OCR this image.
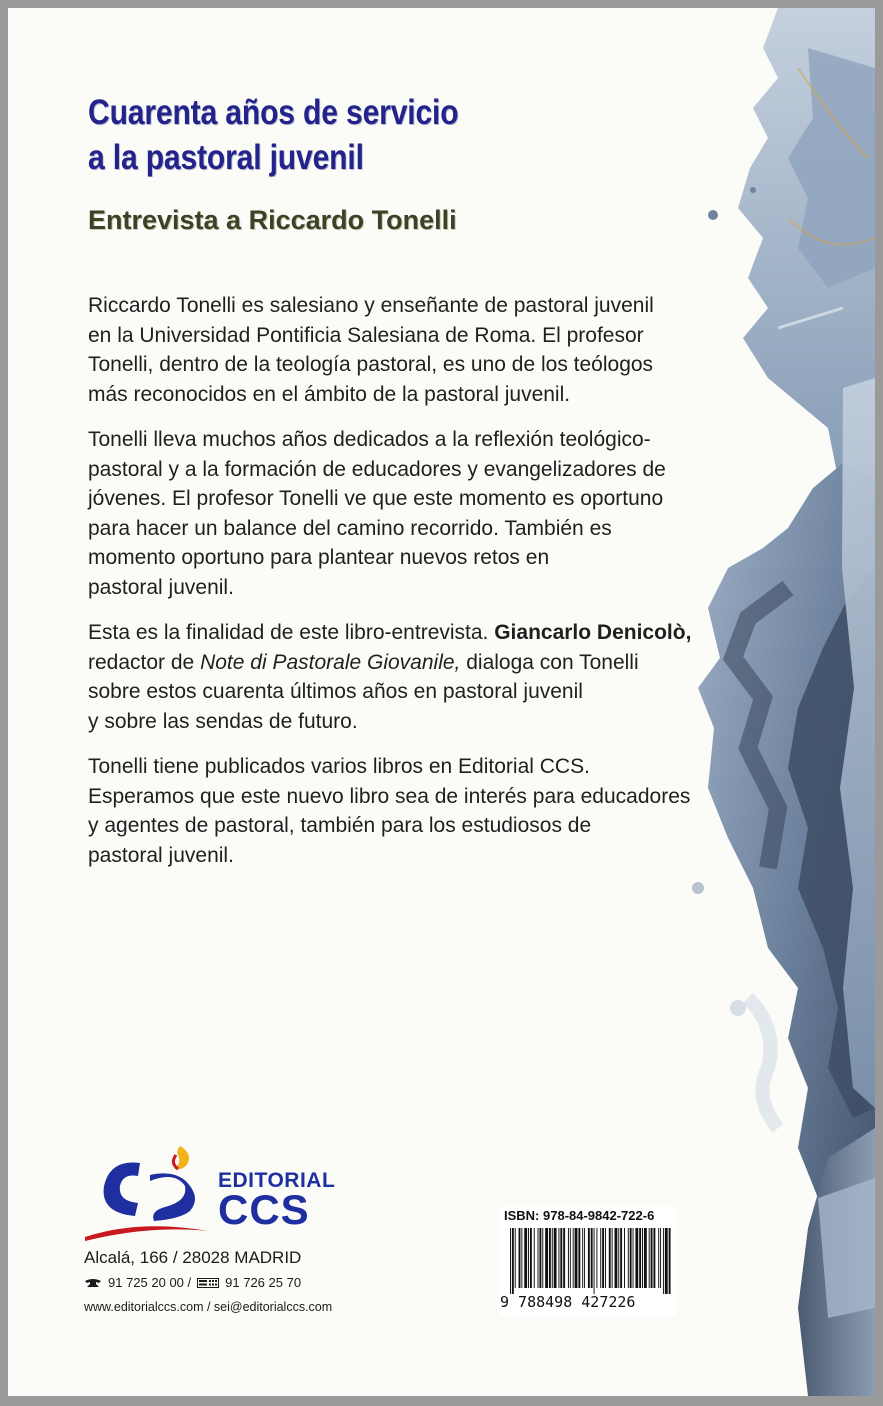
Cuarenta años de servicio
a la pastoral juvenil
Entrevista a Riccardo Tonelli

Riccardo Tonelli es salesiano y enseñante de pastoral juvenil
en la Universidad Pontificia Salesiana de Roma. El profesor
Tonelli, dentro de la teología pastoral, es uno de los teólogos
más reconocidos en el ámbito de la pastoral juvenil.

Tonelli lleva muchos años dedicados a la reflexión teológico-
pastoral y a la formación de educadores y evangelizadores de
jóvenes. El profesor Tonelli ve que este momento es oportuno
para hacer un balance del camino recorrido. También es
momento oportuno para plantear nuevos retos en
pastoral juvenil.

Esta es la finalidad de este libro-entrevista. Giancarlo Denicolò,
redactor de Note di Pastorale Giovanile, dialoga con Tonelli
sobre estos cuarenta últimos años en pastoral juvenil
y sobre las sendas de futuro.

Tonelli tiene publicados varios libros en Editorial CCS.
Esperamos que este nuevo libro sea de interés para educadores
y agentes de pastoral, también para los estudiosos de
pastoral juvenil.

EDITORIAL
CCS
Alcalá, 166 / 28028 MADRID
91 725 20 00 /	91 726 25 70
www.editorialccs.com / sei@editorialccs.com
ISBN: 978-84-9842-722-6
9 788498 427226
